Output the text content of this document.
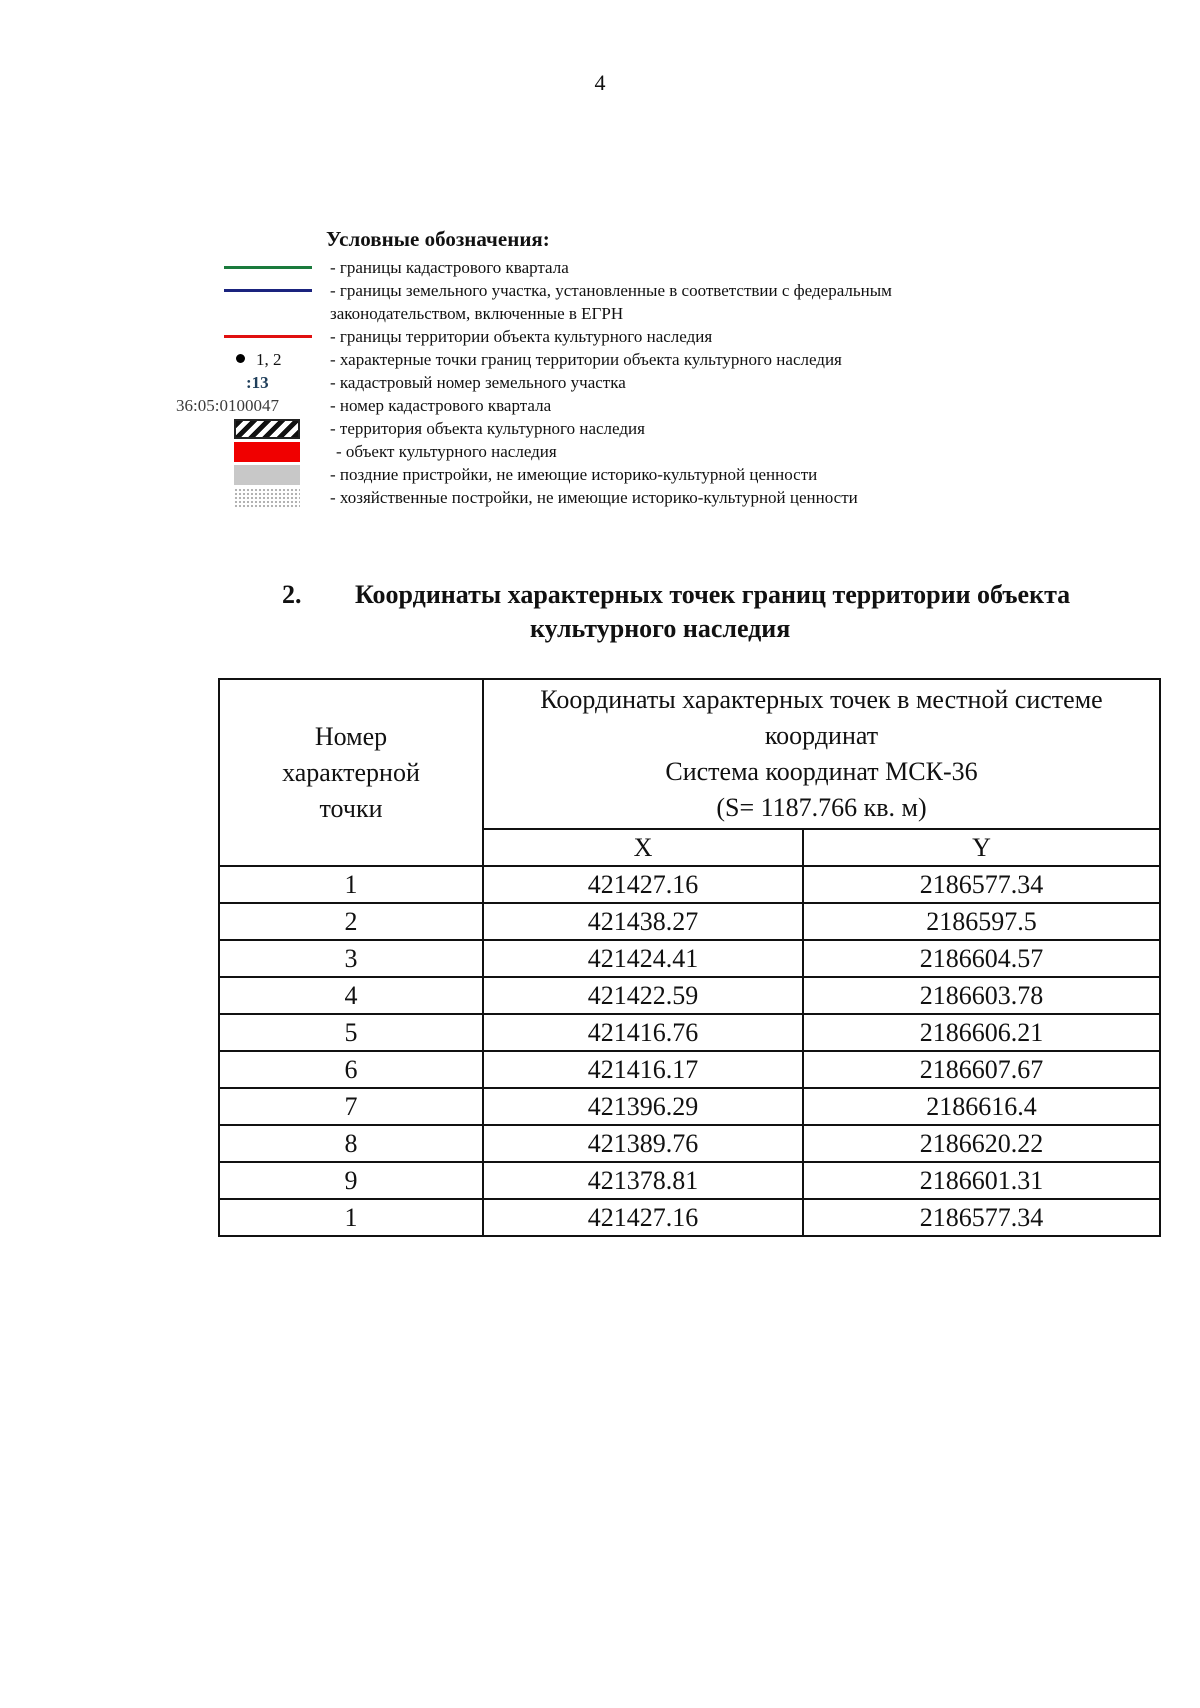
4
Условные обозначения:
- границы кадастрового квартала
- границы земельного участка, установленные в соответствии с федеральным
законодательством, включенные в ЕГРН
- границы территории объекта культурного наследия
1, 2	- характерные точки границ территории объекта культурного наследия
:13	- кадастровый номер земельного участка
36:05:0100047	- номер кадастрового квартала
- территория объекта культурного наследия
- объект культурного наследия
- поздние пристройки, не имеющие историко-культурной ценности
- хозяйственные постройки, не имеющие историко-культурной ценности
2. Координаты характерных точек границ территории объекта
культурного наследия
Номер характерной точки	Координаты характерных точек в местной системе
координат
Система координат МСК-36
(S= 1187.766 кв. м)	

	X	Y
1	421427.16	2186577.34
2	421438.27	2186597.5
3	421424.41	2186604.57
4	421422.59	2186603.78
5	421416.76	2186606.21
6	421416.17	2186607.67
7	421396.29	2186616.4
8	421389.76	2186620.22
9	421378.81	2186601.31
1	421427.16	2186577.34
